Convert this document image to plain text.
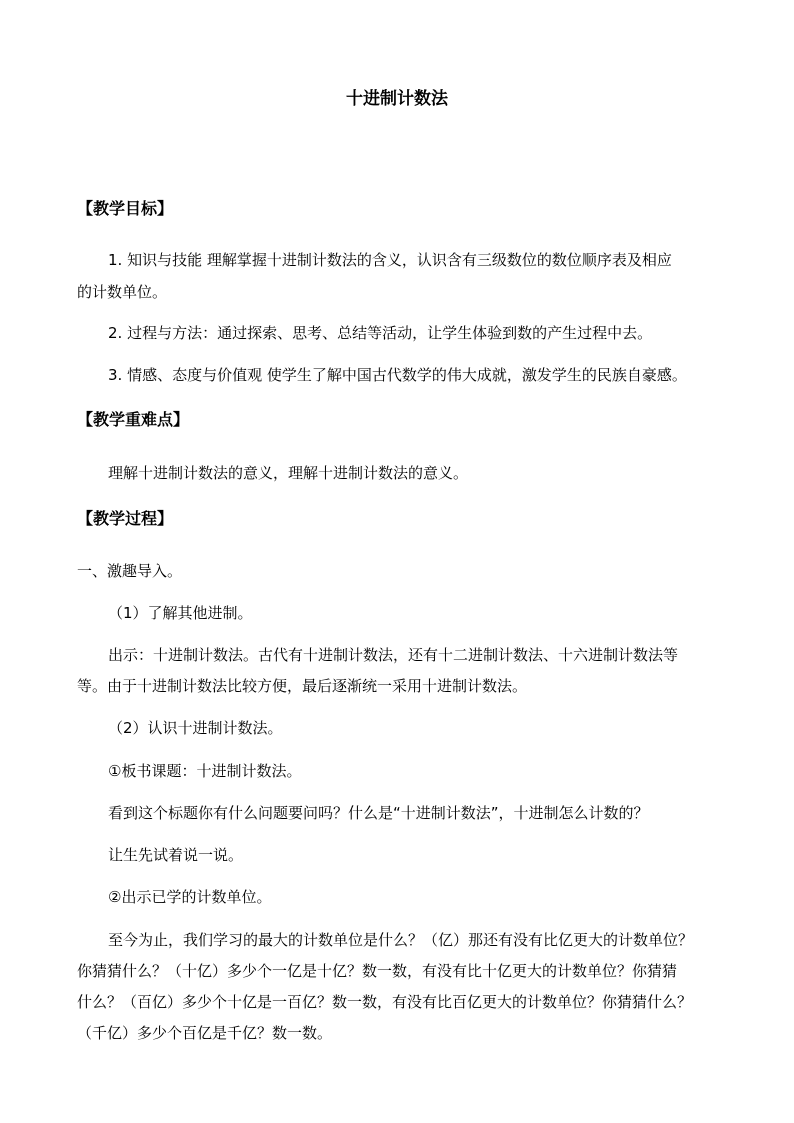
十进制计数法
【教学目标】
1. 知识与技能 理解掌握十进制计数法的含义，认识含有三级数位的数位顺序表及相应
的计数单位。
2. 过程与方法：通过探索、思考、总结等活动，让学生体验到数的产生过程中去。
3. 情感、态度与价值观 使学生了解中国古代数学的伟大成就，激发学生的民族自豪感。
【教学重难点】
理解十进制计数法的意义，理解十进制计数法的意义。
【教学过程】
一、激趣导入。
（1）了解其他进制。
出示：十进制计数法。古代有十进制计数法，还有十二进制计数法、十六进制计数法等
等。由于十进制计数法比较方便，最后逐渐统一采用十进制计数法。
（2）认识十进制计数法。
①板书课题：十进制计数法。
看到这个标题你有什么问题要问吗？什么是“十进制计数法”，十进制怎么计数的？
让生先试着说一说。
②出示已学的计数单位。
至今为止，我们学习的最大的计数单位是什么？（亿）那还有没有比亿更大的计数单位？
你猜猜什么？（十亿）多少个一亿是十亿？数一数，有没有比十亿更大的计数单位？你猜猜
什么？（百亿）多少个十亿是一百亿？数一数，有没有比百亿更大的计数单位？你猜猜什么？
（千亿）多少个百亿是千亿？数一数。
